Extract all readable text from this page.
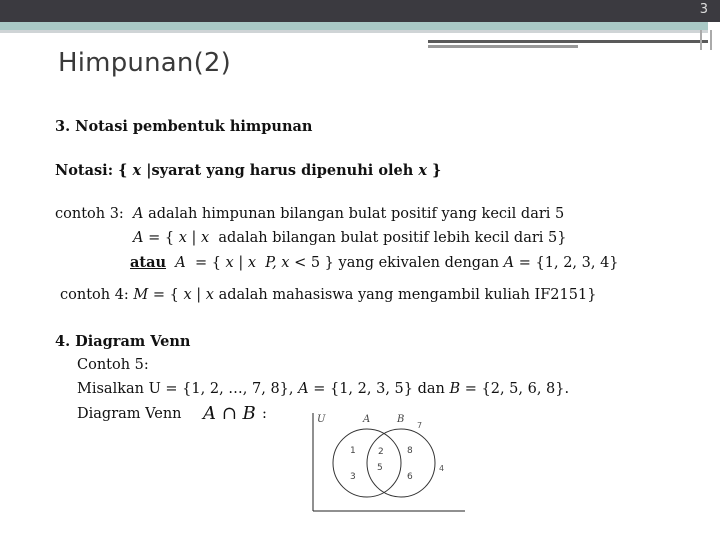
3
Himpunan(2)
3. Notasi pembentuk himpunan
Notasi: { x |syarat yang harus dipenuhi oleh x }
contoh 3: A adalah himpunan bilangan bulat positif yang kecil dari 5
A = { x | x adalah bilangan bulat positif lebih kecil dari 5}
atau A = { x | x P, x < 5 } yang ekivalen dengan A = {1, 2, 3, 4}
contoh 4: M = { x | x adalah mahasiswa yang mengambil kuliah IF2151}
4. Diagram Venn
Contoh 5:
Misalkan U = {1, 2, …, 7, 8}, A = {1, 2, 3, 5} dan B = {2, 5, 6, 8}.
Diagram Venn A ∩ B :	U	A	B
1
3
2
5
8
6
7
4
